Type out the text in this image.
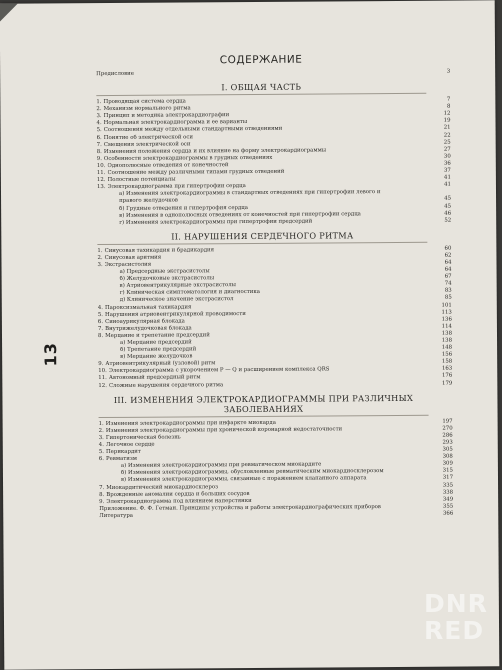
13
СОДЕРЖАНИЕ
Предисловие	3
I. ОБЩАЯ ЧАСТЬ
1. Проводящая система сердца	7
2. Механизм нормального ритма	8
3. Принцип и методика электрокардиографии	12
4. Нормальная электрокардиограмма и ее варианты	19
5. Соотношения между отдельными стандартными отведениями	21
6. Понятие об электрической оси	22
7. Смещения электрической оси	25
8. Изменения положения сердца и их влияние на форму электрокардиограммы	27
9. Особенности электрокардиограммы в грудных отведениях	30
10. Однополюсные отведения от конечностей	36
11. Соотношение между различными типами грудных отведений	37
12. Полостные потенциалы	41
13. Электрокардиограмма при гипертрофии сердца	41
а) Изменения электрокардиограммы в стандартных отведениях при гипертрофии левого и правого желудочков	45
б) Грудные отведения и гипертрофия сердца	45
в) Изменения в однополюсных отведениях от конечностей при гипертрофии сердца	46
г) Изменения электрокардиограммы при гипертрофии предсердий	52
II. НАРУШЕНИЯ СЕРДЕЧНОГО РИТМА
1. Синусовая тахикардия и брадикардия	60
2. Синусовая аритмия	62
3. Экстрасистолия	64
а) Предсердные экстрасистолы	64
б) Желудочковые экстрасистолы	67
в) Атриовентрикулярные экстрасистолы	74
г) Клиническая симптоматология и диагностика	83
д) Клиническое значение экстрасистол	85
4. Пароксизмальная тахикардия	101
5. Нарушения атриовентрикулярной проводимости	113
6. Синоаурикулярная блокада	136
7. Внутрижелудочковая блокада	114
8. Мерцание и трепетание предсердий	138
а) Мерцание предсердий	138
б) Трепетание предсердий	148
в) Мерцание желудочков	156
9. Атриовентрикулярный (узловой) ритм	158
10. Электрокардиограмма с укорочением P — Q и расширением комплекса QRS	163
11. Автономный предсердный ритм	176
12. Сложные нарушения сердечного ритма	179
III. ИЗМЕНЕНИЯ ЭЛЕКТРОКАРДИОГРАММЫ ПРИ РАЗЛИЧНЫХ ЗАБОЛЕВАНИЯХ
1. Изменения электрокардиограммы при инфаркте миокарда	197
2. Изменения электрокардиограммы при хронической коронарной недостаточности	270
3. Гипертоническая болезнь	286
4. Легочное сердце	293
5. Перикардит	305
6. Ревматизм	308
а) Изменения электрокардиограммы при ревматическом миокардите	309
б) Изменения электрокардиограммы, обусловленные ревматическим миокардиосклерозом	315
в) Изменения электрокардиограммы, связанные с поражением клапанного аппарата	317
7. Миокардитический миокардиосклероз	335
8. Врожденные аномалии сердца и больших сосудов	338
9. Электрокардиограмма под влиянием наперстянки	349
Приложение. Ф. Ф. Гетман. Принципы устройства и работы электрокардиографических приборов	355
Литература	366
DNR RED
